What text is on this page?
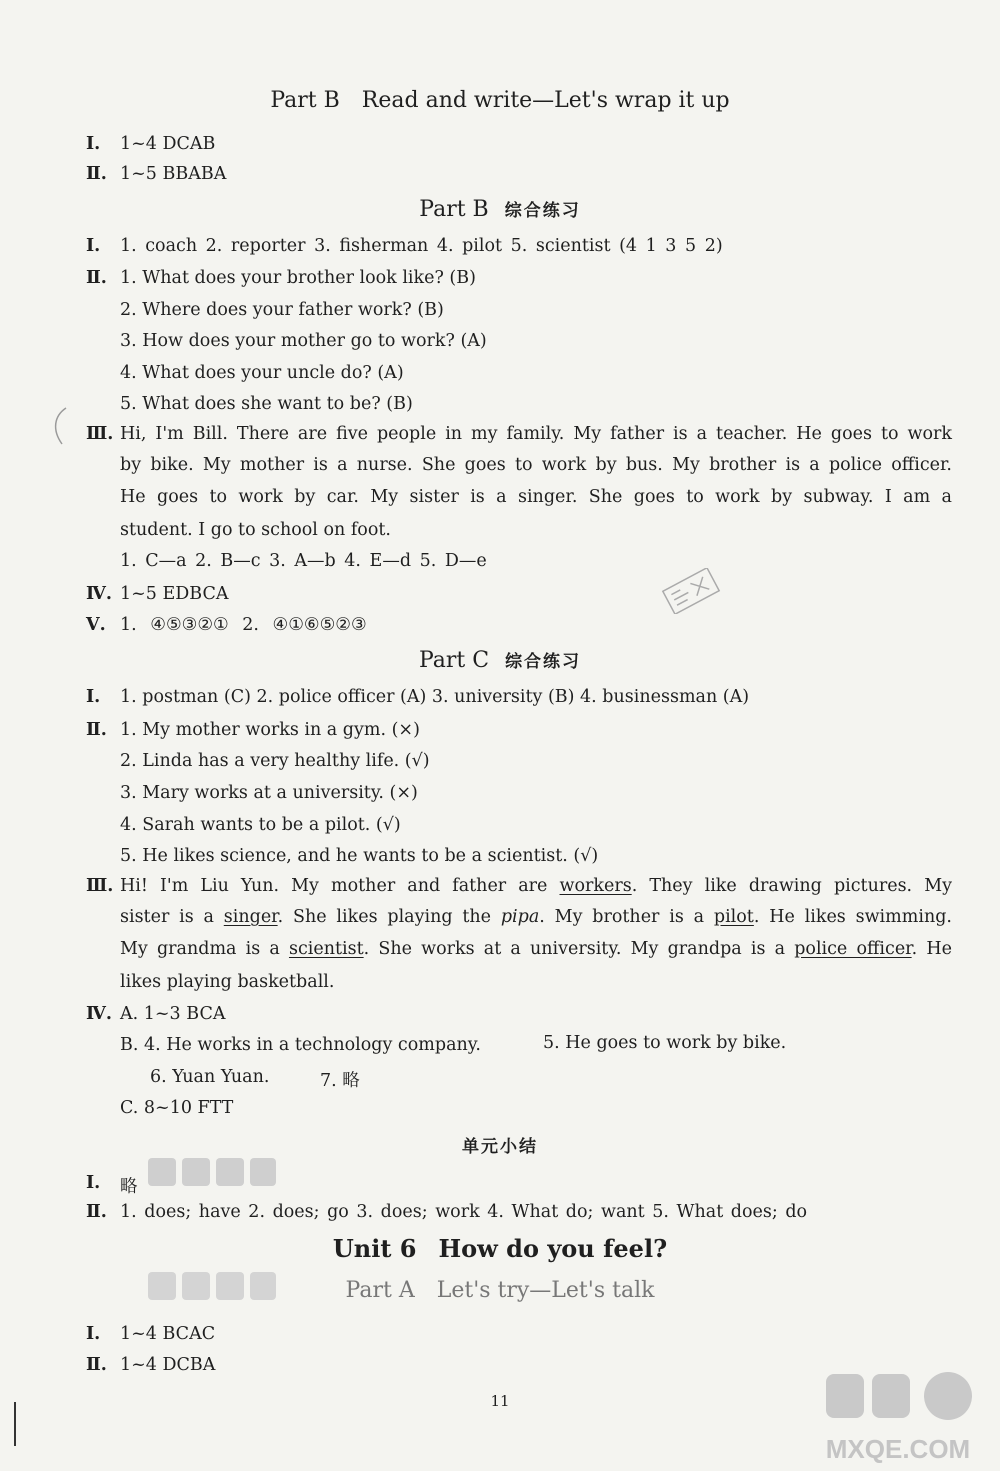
Part B Read and write—Let's wrap it up
Ⅰ. 1~4 DCAB
Ⅱ. 1~5 BBABA
Part B 综合练习
Ⅰ. 1. coach 2. reporter 3. fisherman 4. pilot 5. scientist (4 1 3 5 2)
Ⅱ. 1. What does your brother look like? (B)
2. Where does your father work? (B)
3. How does your mother go to work? (A)
4. What does your uncle do? (A)
5. What does she want to be? (B)
Ⅲ. Hi, I'm Bill. There are five people in my family. My father is a teacher. He goes to work
by bike. My mother is a nurse. She goes to work by bus. My brother is a police officer.
He goes to work by car. My sister is a singer. She goes to work by subway. I am a
student. I go to school on foot.
1. C—a 2. B—c 3. A—b 4. E—d 5. D—e
Ⅳ. 1~5 EDBCA
Ⅴ. 1. ④⑤③②① 2. ④①⑥⑤②③
Part C 综合练习
Ⅰ. 1. postman (C) 2. police officer (A) 3. university (B) 4. businessman (A)
Ⅱ. 1. My mother works in a gym. (×)
2. Linda has a very healthy life. (√)
3. Mary works at a university. (×)
4. Sarah wants to be a pilot. (√)
5. He likes science, and he wants to be a scientist. (√)
Ⅲ. Hi! I'm Liu Yun. My mother and father are workers. They like drawing pictures. My
sister is a singer. She likes playing the pipa. My brother is a pilot. He likes swimming.
My grandma is a scientist. She works at a university. My grandpa is a police officer. He
likes playing basketball.
Ⅳ. A. 1~3 BCA
B. 4. He works in a technology company.	5. He goes to work by bike.
6. Yuan Yuan.	7. 略
C. 8~10 FTT
单元小结
Ⅰ. 略
Ⅱ. 1. does; have 2. does; go 3. does; work 4. What do; want 5. What does; do
Unit 6 How do you feel?
Part A Let's try—Let's talk
Ⅰ. 1~4 BCAC
Ⅱ. 1~4 DCBA
11
MXQE.COM
